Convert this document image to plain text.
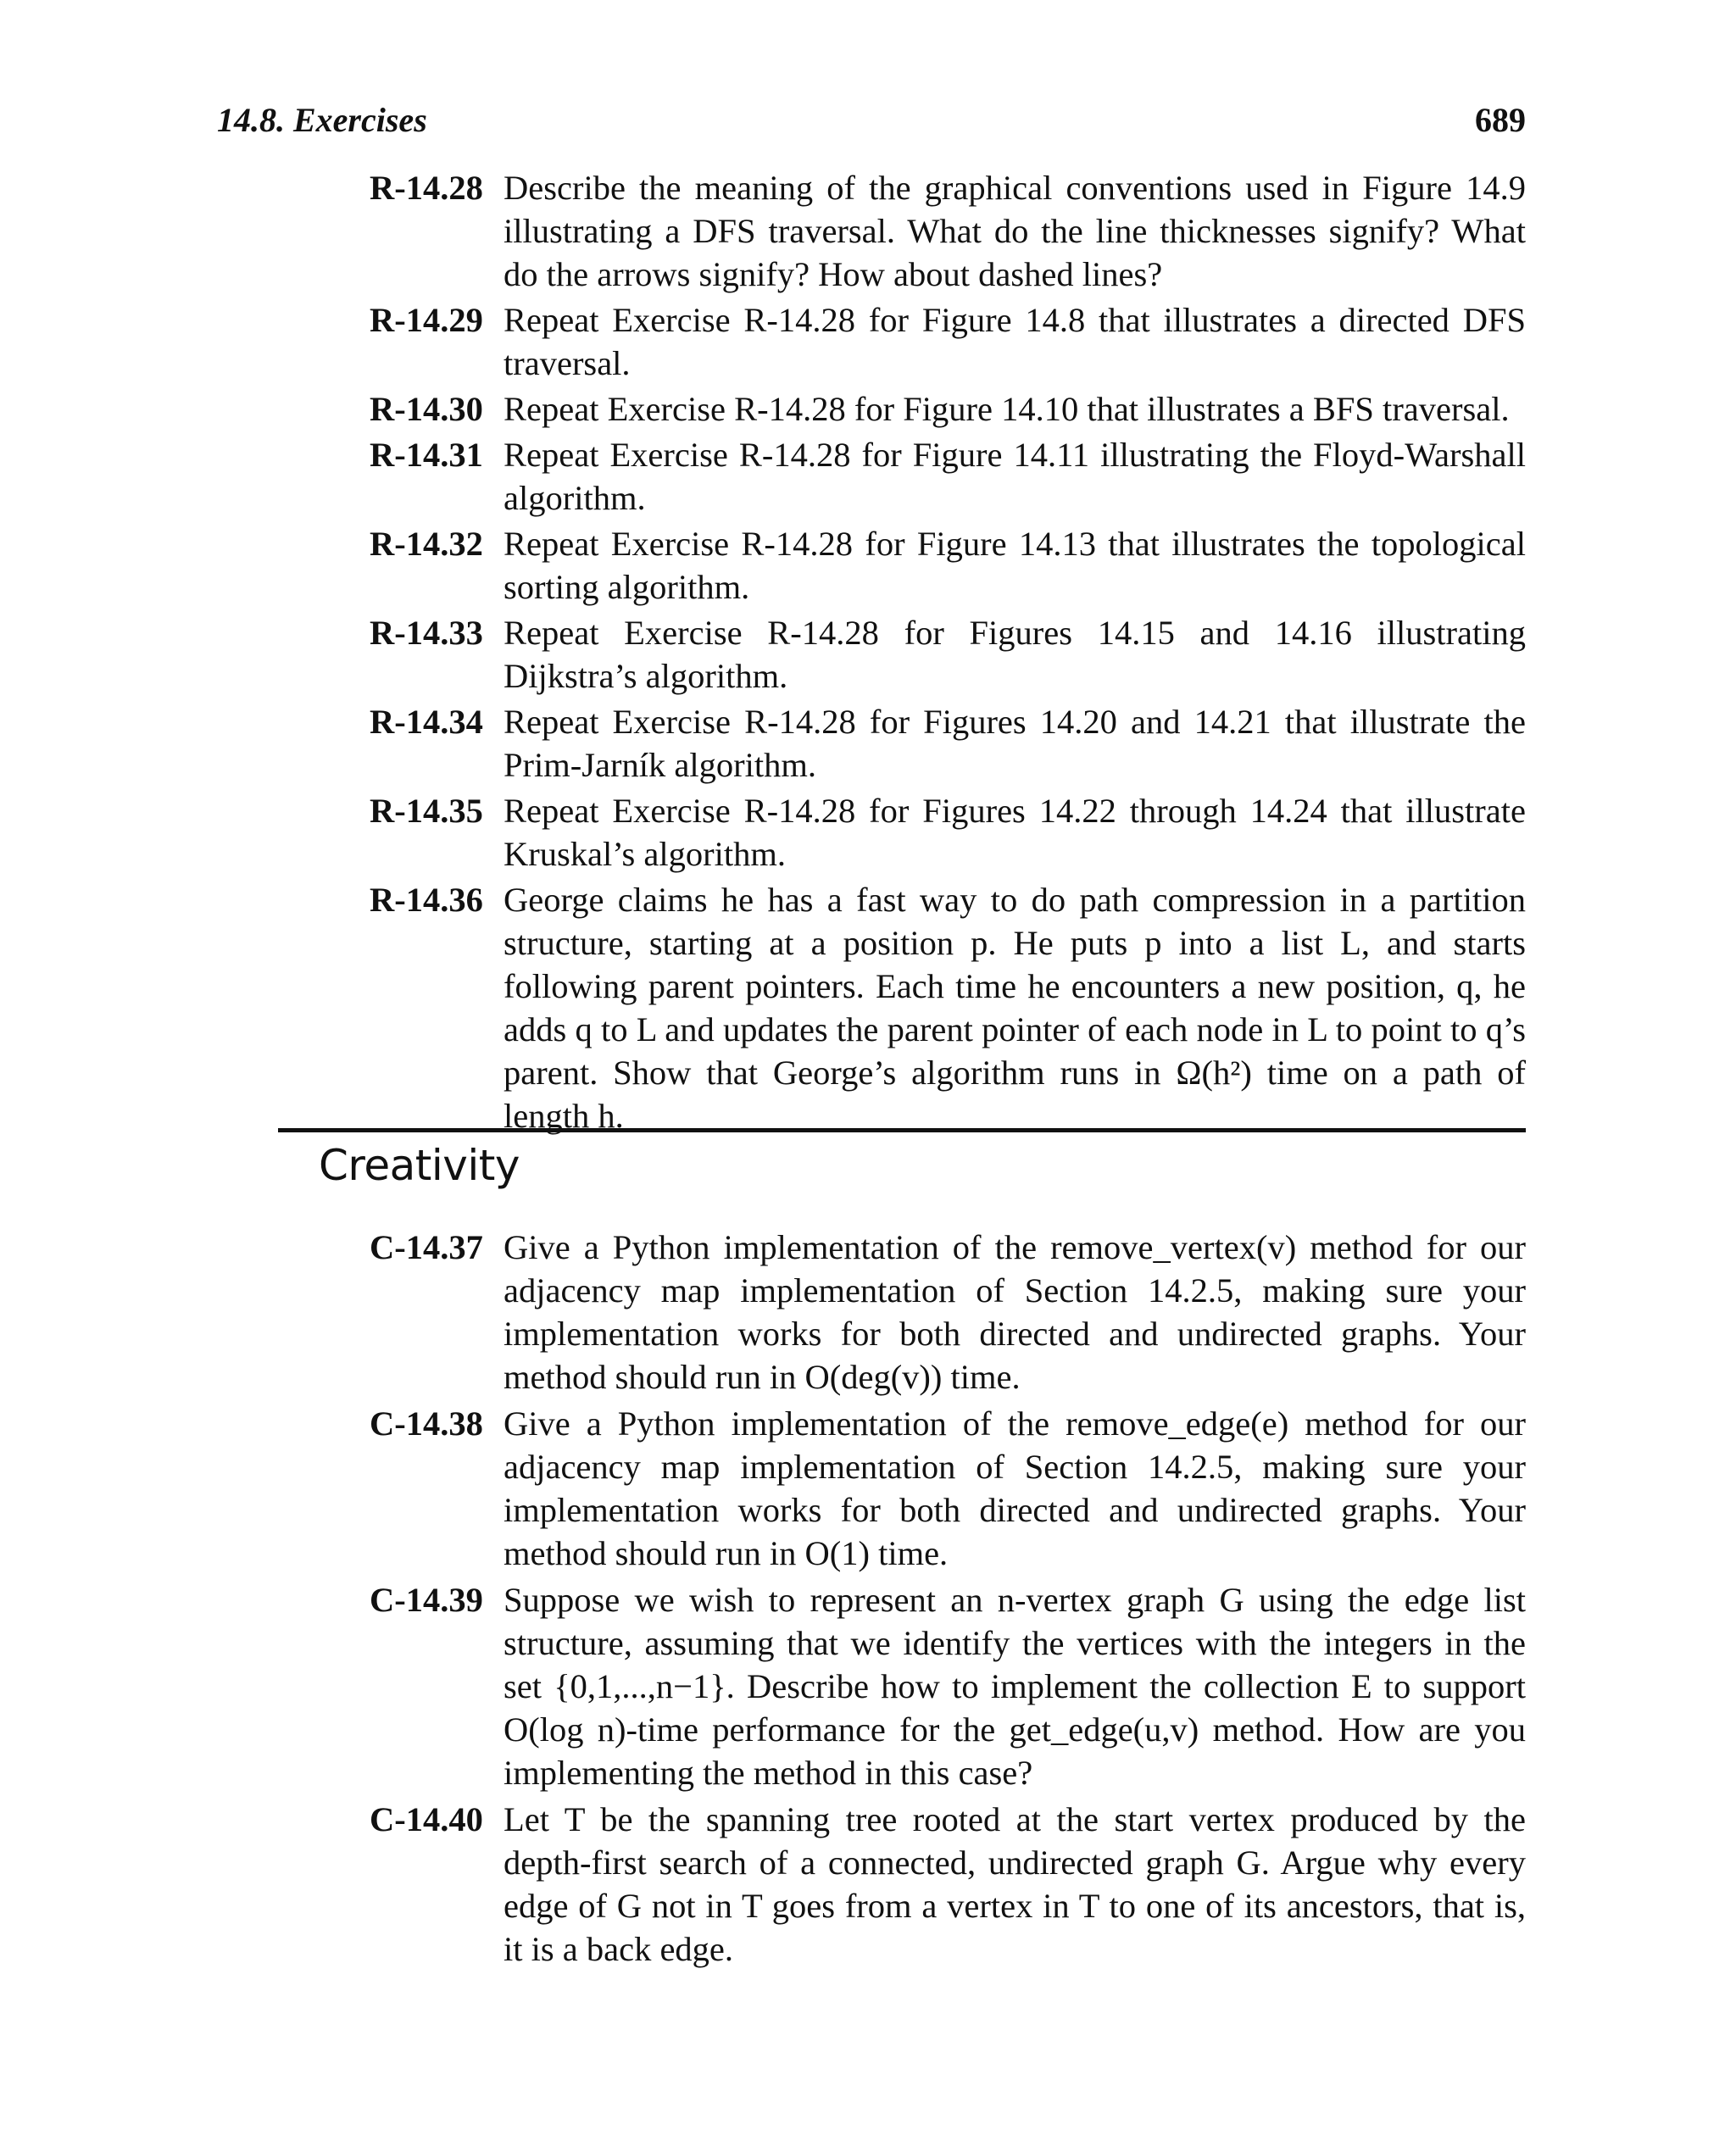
14.8. Exercises	689
R-14.28 Describe the meaning of the graphical conventions used in Figure 14.9 illustrating a DFS traversal. What do the line thicknesses signify? What do the arrows signify? How about dashed lines?
R-14.29 Repeat Exercise R-14.28 for Figure 14.8 that illustrates a directed DFS traversal.
R-14.30 Repeat Exercise R-14.28 for Figure 14.10 that illustrates a BFS traversal.
R-14.31 Repeat Exercise R-14.28 for Figure 14.11 illustrating the Floyd-Warshall algorithm.
R-14.32 Repeat Exercise R-14.28 for Figure 14.13 that illustrates the topological sorting algorithm.
R-14.33 Repeat Exercise R-14.28 for Figures 14.15 and 14.16 illustrating Dijkstra’s algorithm.
R-14.34 Repeat Exercise R-14.28 for Figures 14.20 and 14.21 that illustrate the Prim-Jarník algorithm.
R-14.35 Repeat Exercise R-14.28 for Figures 14.22 through 14.24 that illustrate Kruskal’s algorithm.
R-14.36 George claims he has a fast way to do path compression in a partition structure, starting at a position p. He puts p into a list L, and starts following parent pointers. Each time he encounters a new position, q, he adds q to L and updates the parent pointer of each node in L to point to q’s parent. Show that George’s algorithm runs in Ω(h²) time on a path of length h.
Creativity
C-14.37 Give a Python implementation of the remove_vertex(v) method for our adjacency map implementation of Section 14.2.5, making sure your implementation works for both directed and undirected graphs. Your method should run in O(deg(v)) time.
C-14.38 Give a Python implementation of the remove_edge(e) method for our adjacency map implementation of Section 14.2.5, making sure your implementation works for both directed and undirected graphs. Your method should run in O(1) time.
C-14.39 Suppose we wish to represent an n-vertex graph G using the edge list structure, assuming that we identify the vertices with the integers in the set {0,1,...,n−1}. Describe how to implement the collection E to support O(log n)-time performance for the get_edge(u,v) method. How are you implementing the method in this case?
C-14.40 Let T be the spanning tree rooted at the start vertex produced by the depth-first search of a connected, undirected graph G. Argue why every edge of G not in T goes from a vertex in T to one of its ancestors, that is, it is a back edge.
